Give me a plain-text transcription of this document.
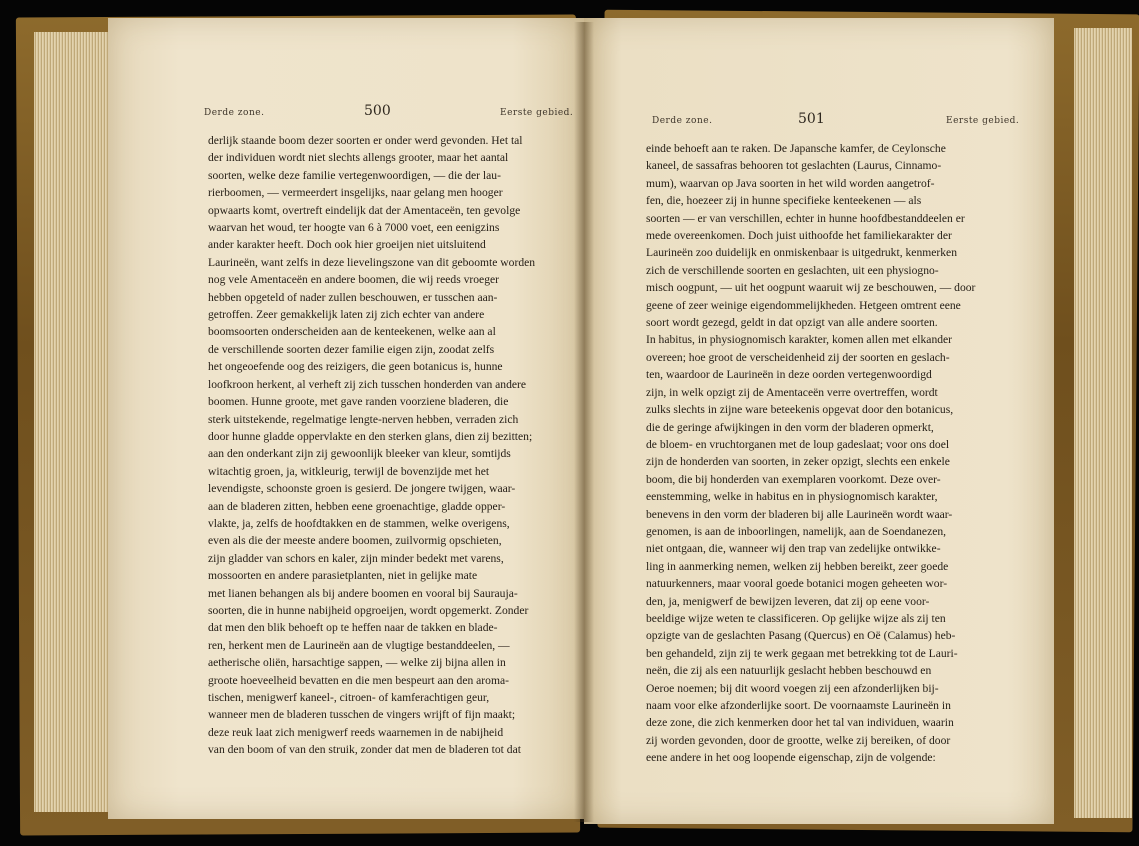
Derde zone.	500	Eerste gebied.
derlijk staande boom dezer soorten er onder werd gevonden. Het tal
der individuen wordt niet slechts allengs grooter, maar het aantal
soorten, welke deze familie vertegenwoordigen, — die der lau-
rierboomen, — vermeerdert insgelijks, naar gelang men hooger
opwaarts komt, overtreft eindelijk dat der Amentaceën, ten gevolge
waarvan het woud, ter hoogte van 6 à 7000 voet, een eenigzins
ander karakter heeft. Doch ook hier groeijen niet uitsluitend
Laurineën, want zelfs in deze lievelingszone van dit geboomte worden
nog vele Amentaceën en andere boomen, die wij reeds vroeger
hebben opgeteld of nader zullen beschouwen, er tusschen aan-
getroffen. Zeer gemakkelijk laten zij zich echter van andere
boomsoorten onderscheiden aan de kenteekenen, welke aan al
de verschillende soorten dezer familie eigen zijn, zoodat zelfs
het ongeoefende oog des reizigers, die geen botanicus is, hunne
loofkroon herkent, al verheft zij zich tusschen honderden van andere
boomen. Hunne groote, met gave randen voorziene bladeren, die
sterk uitstekende, regelmatige lengte-nerven hebben, verraden zich
door hunne gladde oppervlakte en den sterken glans, dien zij bezitten;
aan den onderkant zijn zij gewoonlijk bleeker van kleur, somtijds
witachtig groen, ja, witkleurig, terwijl de bovenzijde met het
levendigste, schoonste groen is gesierd. De jongere twijgen, waar-
aan de bladeren zitten, hebben eene groenachtige, gladde opper-
vlakte, ja, zelfs de hoofdtakken en de stammen, welke overigens,
even als die der meeste andere boomen, zuilvormig opschieten,
zijn gladder van schors en kaler, zijn minder bedekt met varens,
mossoorten en andere parasietplanten, niet in gelijke mate
met lianen behangen als bij andere boomen en vooral bij Sauraujа-
soorten, die in hunne nabijheid opgroeijen, wordt opgemerkt. Zonder
dat men den blik behoeft op te heffen naar de takken en blade-
ren, herkent men de Laurineën aan de vlugtige bestanddeelen, —
aetherische oliën, harsachtige sappen, — welke zij bijna allen in
groote hoeveelheid bevatten en die men bespeurt aan den aroma-
tischen, menigwerf kaneel-, citroen- of kamferachtigen geur,
wanneer men de bladeren tusschen de vingers wrijft of fijn maakt;
deze reuk laat zich menigwerf reeds waarnemen in de nabijheid
van den boom of van den struik, zonder dat men de bladeren tot dat
Derde zone.	501	Eerste gebied.
einde behoeft aan te raken. De Japansche kamfer, de Ceylonsche
kaneel, de sassafras behooren tot geslachten (Laurus, Cinnamo-
mum), waarvan op Java soorten in het wild worden aangetrof-
fen, die, hoezeer zij in hunne specifieke kenteekenen — als
soorten — er van verschillen, echter in hunne hoofdbestanddeelen er
mede overeenkomen. Doch juist uithoofde het familiekarakter der
Laurineën zoo duidelijk en onmiskenbaar is uitgedrukt, kenmerken
zich de verschillende soorten en geslachten, uit een physiogno-
misch oogpunt, — uit het oogpunt waaruit wij ze beschouwen, — door
geene of zeer weinige eigendommelijkheden. Hetgeen omtrent eene
soort wordt gezegd, geldt in dat opzigt van alle andere soorten.
In habitus, in physiognomisch karakter, komen allen met elkander
overeen; hoe groot de verscheidenheid zij der soorten en geslach-
ten, waardoor de Laurineën in deze oorden vertegenwoordigd
zijn, in welk opzigt zij de Amentaceën verre overtreffen, wordt
zulks slechts in zijne ware beteekenis opgevat door den botanicus,
die de geringe afwijkingen in den vorm der bladeren opmerkt,
de bloem- en vruchtorganen met de loup gadeslaat; voor ons doel
zijn de honderden van soorten, in zeker opzigt, slechts een enkele
boom, die bij honderden van exemplaren voorkomt. Deze over-
eenstemming, welke in habitus en in physiognomisch karakter,
benevens in den vorm der bladeren bij alle Laurineën wordt waar-
genomen, is aan de inboorlingen, namelijk, aan de Soendanezen,
niet ontgaan, die, wanneer wij den trap van zedelijke ontwikke-
ling in aanmerking nemen, welken zij hebben bereikt, zeer goede
natuurkenners, maar vooral goede botanici mogen geheeten wor-
den, ja, menigwerf de bewijzen leveren, dat zij op eene voor-
beeldige wijze weten te classificeren. Op gelijke wijze als zij ten
opzigte van de geslachten Pasang (Quercus) en Oë (Calamus) heb-
ben gehandeld, zijn zij te werk gegaan met betrekking tot de Lauri-
neën, die zij als een natuurlijk geslacht hebben beschouwd en
Oeroe noemen; bij dit woord voegen zij een afzonderlijken bij-
naam voor elke afzonderlijke soort. De voornaamste Laurineën in
deze zone, die zich kenmerken door het tal van individuen, waarin
zij worden gevonden, door de grootte, welke zij bereiken, of door
eene andere in het oog loopende eigenschap, zijn de volgende:
